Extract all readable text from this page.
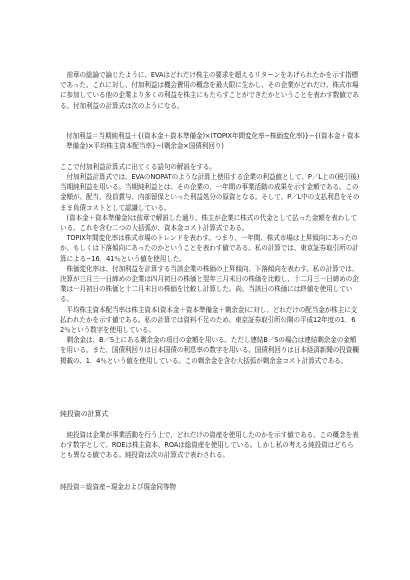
　前章の総論で論じたように、EVAはどれだけ株主の要求を超えるリターンをあげられたかを示す指標であった。これに対し、付加利益は機会費用の概念を最大限に生かし、その企業がどれだけ、株式市場に参加している他の企業より多くの利益を株主にもたらすことができたかということを表わす数値である。付加利益の計算式は次のようになる。

付加利益＝当期純利益＋{(資本金＋資本準備金)×(TOPIX年間変化率−株価変化率)}−{(資本金＋資本準備金)×平均株主資本配当率}−(剰余金×国債利回り)

ここで付加利益計算式に出てくる語句の解説をする。

　付加利益計算式では、EVAのNOPATのような計算上使用する企業の利益値として、P／L上の(税引後)当期純利益を用いる。当期純利益とは、その企業の、一年間の事業活動の成果を示す金額である。この金額が、配当、役員賞与、内部留保といった利益処分の原資となる。そして、P／L中の支払利息をそのまま負債コストとして認識している。
　(資本金＋資本準備金)は前章で解説した通り、株主が企業に株式の代金として払った金額を表わしている。これを含む二つの大括弧が、資本金コスト計算式である。
　TOPIX年間変化率は株式市場のトレンドを表わす。つまり、一年間、株式市場は上昇傾向にあったのか、もしくは下落傾向にあったのかということを表わす値である。私の計算では、東京証券取引所の計算による−16．41％という値を使用した。
　株価変化率は、付加利益を計算する当該企業の株価の上昇傾向、下落傾向を表わす。私の計算では、決算が三月三一日締めの企業は四月初日の株価と翌年三月末日の株価を比較し、十二月三一日締めの企業は一月初日の株価と十二月末日の株価を比較し計算した。尚、当該日の株価には終値を使用している。
　平均株主資本配当率は株主資本(資本金＋資本準備金＋剰余金)に対し、どれだけの配当金が株主に支払われたかを示す値である。私の計算では資料不足のため、東京証券取引所公開の平成12年度の1．62％という数字を使用している。
　剰余金は、B／S上にある剰余金の項目の金額を用いる。ただし連結B／Sの場合は連結剰余金の金額を用いる。また、国債利回りは日本国債の利息率の数字を用いる。国債利回りは日本経済新聞の投資欄掲載の、1．4％という値を使用している。この剰余金を含む大括弧が剰余金コスト計算式である。

純投資の計算式

　純投資は企業が事業活動を行う上で、どれだけの資産を使用したのかを示す値である。この概念を表わす数字として、ROEは株主資本、ROAは総資産を使用している。しかし私の考える純投資はどちらとも異なる値である。純投資は次の計算式で表わされる。

純投資＝総資産−現金および現金同等物
